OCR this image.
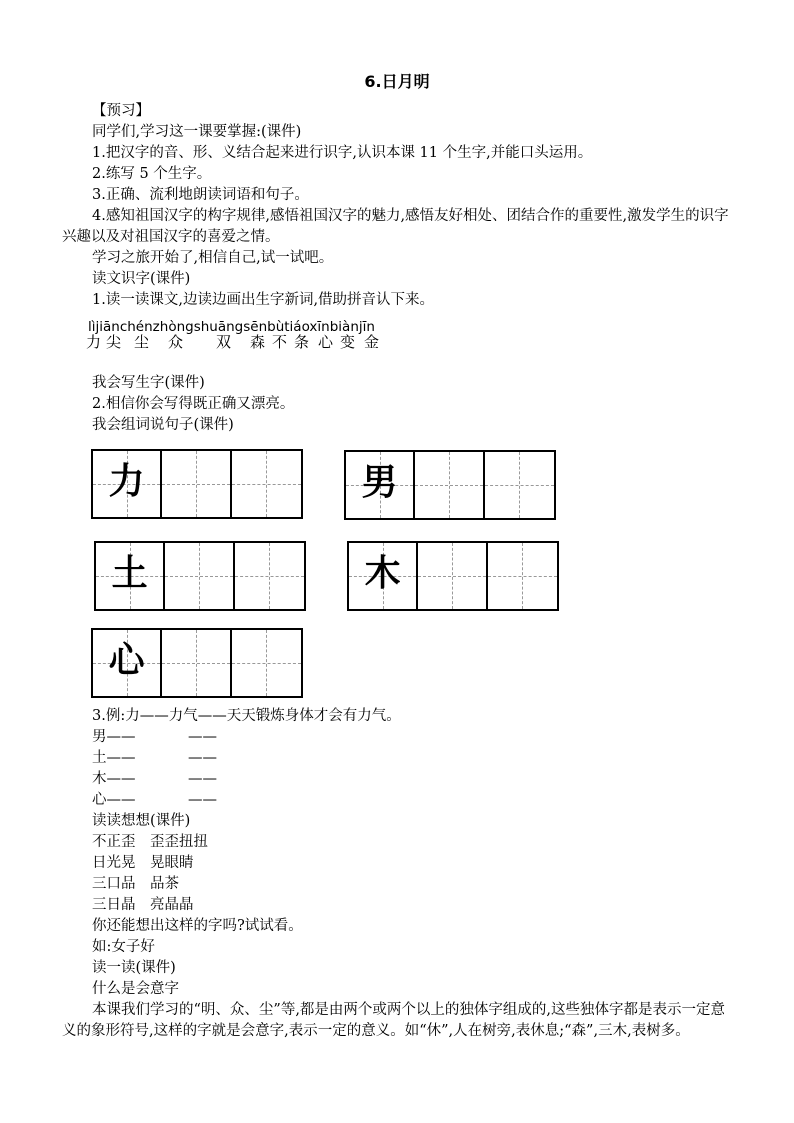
6.日月明
【预习】
同学们,学习这一课要掌握:(课件)
1.把汉字的音、形、义结合起来进行识字,认识本课 11 个生字,并能口头运用。
2.练写 5 个生字。
3.正确、流利地朗读词语和句子。
4.感知祖国汉字的构字规律,感悟祖国汉字的魅力,感悟友好相处、团结合作的重要性,激发学生的识字兴趣以及对祖国汉字的喜爱之情。
学习之旅开始了,相信自己,试一试吧。
读文识字(课件)
1.读一读课文,边读边画出生字新词,借助拼音认下来。
lìjiānchénzhòngshuāngsēnbùtiáoxīnbiànjīn
力 尖 尘 众 双 森 不 条 心 变 金
我会写生字(课件)
2.相信你会写得既正确又漂亮。
我会组词说句子(课件)
力	男
土	木
心
3.例:力——力气——天天锻炼身体才会有力气。
男——	——
土——	——
木——	——
心——	——
读读想想(课件)
不正歪　歪歪扭扭
日光晃　晃眼睛
三口品　品茶
三日晶　亮晶晶
你还能想出这样的字吗?试试看。
如:女子好
读一读(课件)
什么是会意字
本课我们学习的“明、众、尘”等,都是由两个或两个以上的独体字组成的,这些独体字都是表示一定意义的象形符号,这样的字就是会意字,表示一定的意义。如“休”,人在树旁,表休息;“森”,三木,表树多。
